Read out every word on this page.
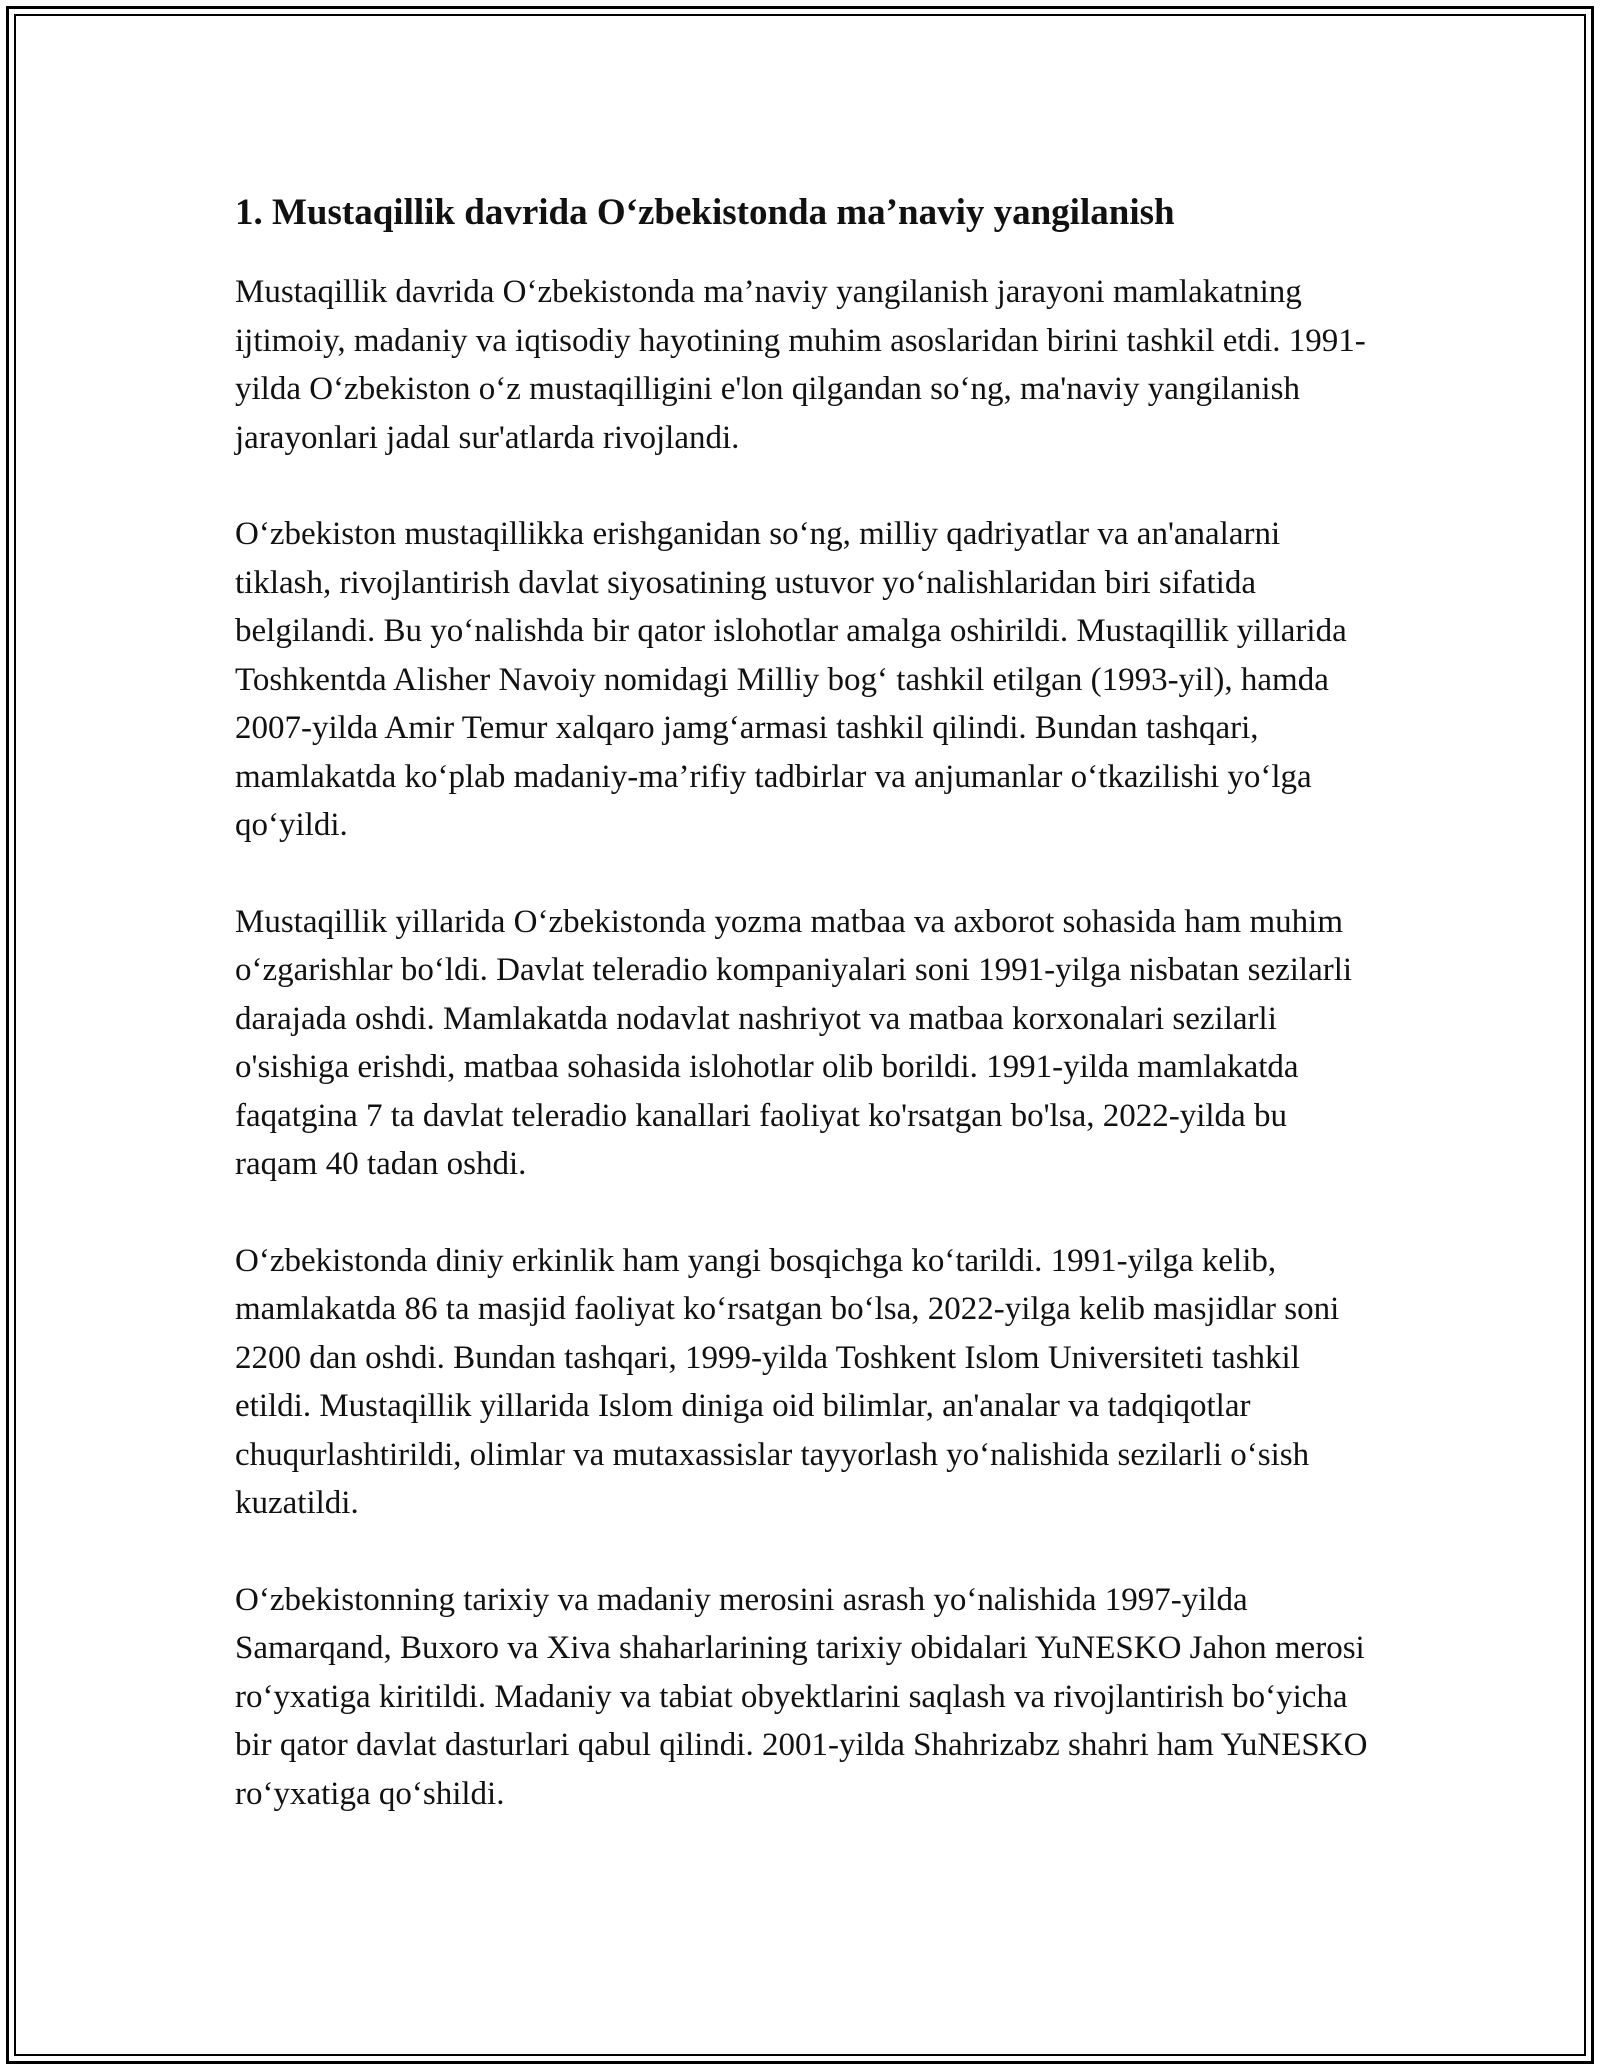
1. Mustaqillik davrida O‘zbekistonda ma’naviy yangilanish

Mustaqillik davrida O‘zbekistonda ma’naviy yangilanish jarayoni mamlakatning ijtimoiy, madaniy va iqtisodiy hayotining muhim asoslaridan birini tashkil etdi. 1991-yilda O‘zbekiston o‘z mustaqilligini e'lon qilgandan so‘ng, ma'naviy yangilanish jarayonlari jadal sur'atlarda rivojlandi.

O‘zbekiston mustaqillikka erishganidan so‘ng, milliy qadriyatlar va an'analarni tiklash, rivojlantirish davlat siyosatining ustuvor yo‘nalishlaridan biri sifatida belgilandi. Bu yo‘nalishda bir qator islohotlar amalga oshirildi. Mustaqillik yillarida Toshkentda Alisher Navoiy nomidagi Milliy bog‘ tashkil etilgan (1993-yil), hamda 2007-yilda Amir Temur xalqaro jamg‘armasi tashkil qilindi. Bundan tashqari, mamlakatda ko‘plab madaniy-ma’rifiy tadbirlar va anjumanlar o‘tkazilishi yo‘lga qo‘yildi.

Mustaqillik yillarida O‘zbekistonda yozma matbaa va axborot sohasida ham muhim o‘zgarishlar bo‘ldi. Davlat teleradio kompaniyalari soni 1991-yilga nisbatan sezilarli darajada oshdi. Mamlakatda nodavlat nashriyot va matbaa korxonalari sezilarli o'sishiga erishdi, matbaa sohasida islohotlar olib borildi. 1991-yilda mamlakatda faqatgina 7 ta davlat teleradio kanallari faoliyat ko'rsatgan bo'lsa, 2022-yilda bu raqam 40 tadan oshdi.

O‘zbekistonda diniy erkinlik ham yangi bosqichga ko‘tarildi. 1991-yilga kelib, mamlakatda 86 ta masjid faoliyat ko‘rsatgan bo‘lsa, 2022-yilga kelib masjidlar soni 2200 dan oshdi. Bundan tashqari, 1999-yilda Toshkent Islom Universiteti tashkil etildi. Mustaqillik yillarida Islom diniga oid bilimlar, an'analar va tadqiqotlar chuqurlashtirildi, olimlar va mutaxassislar tayyorlash yo‘nalishida sezilarli o‘sish kuzatildi.

O‘zbekistonning tarixiy va madaniy merosini asrash yo‘nalishida 1997-yilda Samarqand, Buxoro va Xiva shaharlarining tarixiy obidalari YuNESKO Jahon merosi ro‘yxatiga kiritildi. Madaniy va tabiat obyektlarini saqlash va rivojlantirish bo‘yicha bir qator davlat dasturlari qabul qilindi. 2001-yilda Shahrizabz shahri ham YuNESKO ro‘yxatiga qo‘shildi.
